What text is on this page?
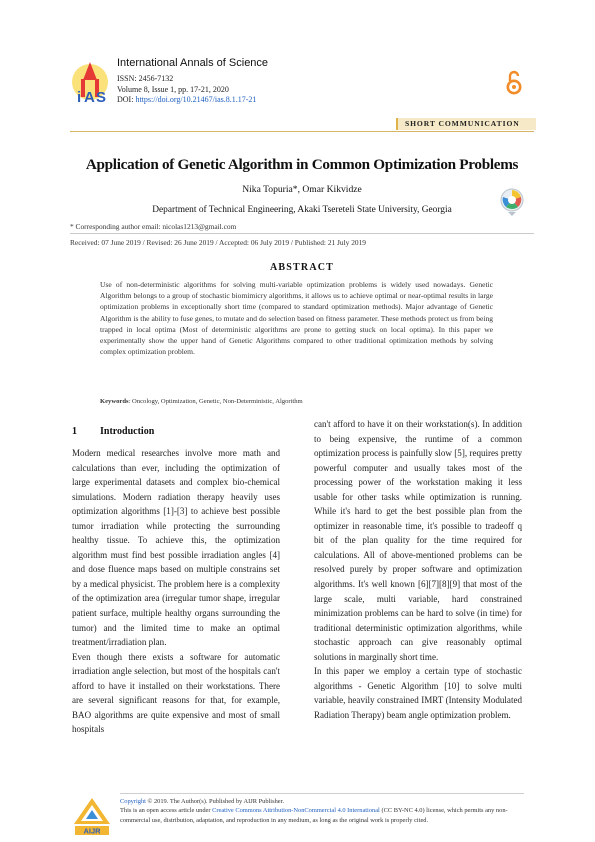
i A S
International Annals of Science
ISSN: 2456-7132
Volume 8, Issue 1, pp. 17-21, 2020
DOI: https://doi.org/10.21467/ias.8.1.17-21
SHORT COMMUNICATION
Application of Genetic Algorithm in Common Optimization Problems
Nika Topuria*, Omar Kikvidze
Department of Technical Engineering, Akaki Tsereteli State University, Georgia
* Corresponding author email: nicolas1213@gmail.com
Received: 07 June 2019 / Revised: 26 June 2019 / Accepted: 06 July 2019 / Published: 21 July 2019
ABSTRACT
Use of non-deterministic algorithms for solving multi-variable optimization problems is widely used nowadays. Genetic Algorithm belongs to a group of stochastic biomimicry algorithms, it allows us to achieve optimal or near-optimal results in large optimization problems in exceptionally short time (compared to standard optimization methods). Major advantage of Genetic Algorithm is the ability to fuse genes, to mutate and do selection based on fitness parameter. These methods protect us from being trapped in local optima (Most of deterministic algorithms are prone to getting stuck on local optima). In this paper we experimentally show the upper hand of Genetic Algorithms compared to other traditional optimization methods by solving complex optimization problem.
Keywords: Oncology, Optimization, Genetic, Non-Deterministic, Algorithm
1 Introduction

Modern medical researches involve more math and calculations than ever, including the optimization of large experimental datasets and complex bio-chemical simulations. Modern radiation therapy heavily uses optimization algorithms [1]-[3] to achieve best possible tumor irradiation while protecting the surrounding healthy tissue. To achieve this, the optimization algorithm must find best possible irradiation angles [4] and dose fluence maps based on multiple constrains set by a medical physicist. The problem here is a complexity of the optimization area (irregular tumor shape, irregular patient surface, multiple healthy organs surrounding the tumor) and the limited time to make an optimal treatment/irradiation plan.

Even though there exists a software for automatic irradiation angle selection, but most of the hospitals can't afford to have it installed on their workstations. There are several significant reasons for that, for example, BAO algorithms are quite expensive and most of small hospitals

can't afford to have it on their workstation(s). In addition to being expensive, the runtime of a common optimization process is painfully slow [5], requires pretty powerful computer and usually takes most of the processing power of the workstation making it less usable for other tasks while optimization is running. While it's hard to get the best possible plan from the optimizer in reasonable time, it's possible to tradeoff q bit of the plan quality for the time required for calculations. All of above-mentioned problems can be resolved purely by proper software and optimization algorithms. It's well known [6][7][8][9] that most of the large scale, multi variable, hard constrained minimization problems can be hard to solve (in time) for traditional deterministic optimization algorithms, while stochastic approach can give reasonably optimal solutions in marginally short time.

In this paper we employ a certain type of stochastic algorithms - Genetic Algorithm [10] to solve multi variable, heavily constrained IMRT (Intensity Modulated Radiation Therapy) beam angle optimization problem.

AIJR
Copyright © 2019. The Author(s). Published by AIJR Publisher.
This is an open access article under Creative Commons Attribution-NonCommercial 4.0 International (CC BY-NC 4.0) license, which permits any non-commercial use, distribution, adaptation, and reproduction in any medium, as long as the original work is properly cited.
